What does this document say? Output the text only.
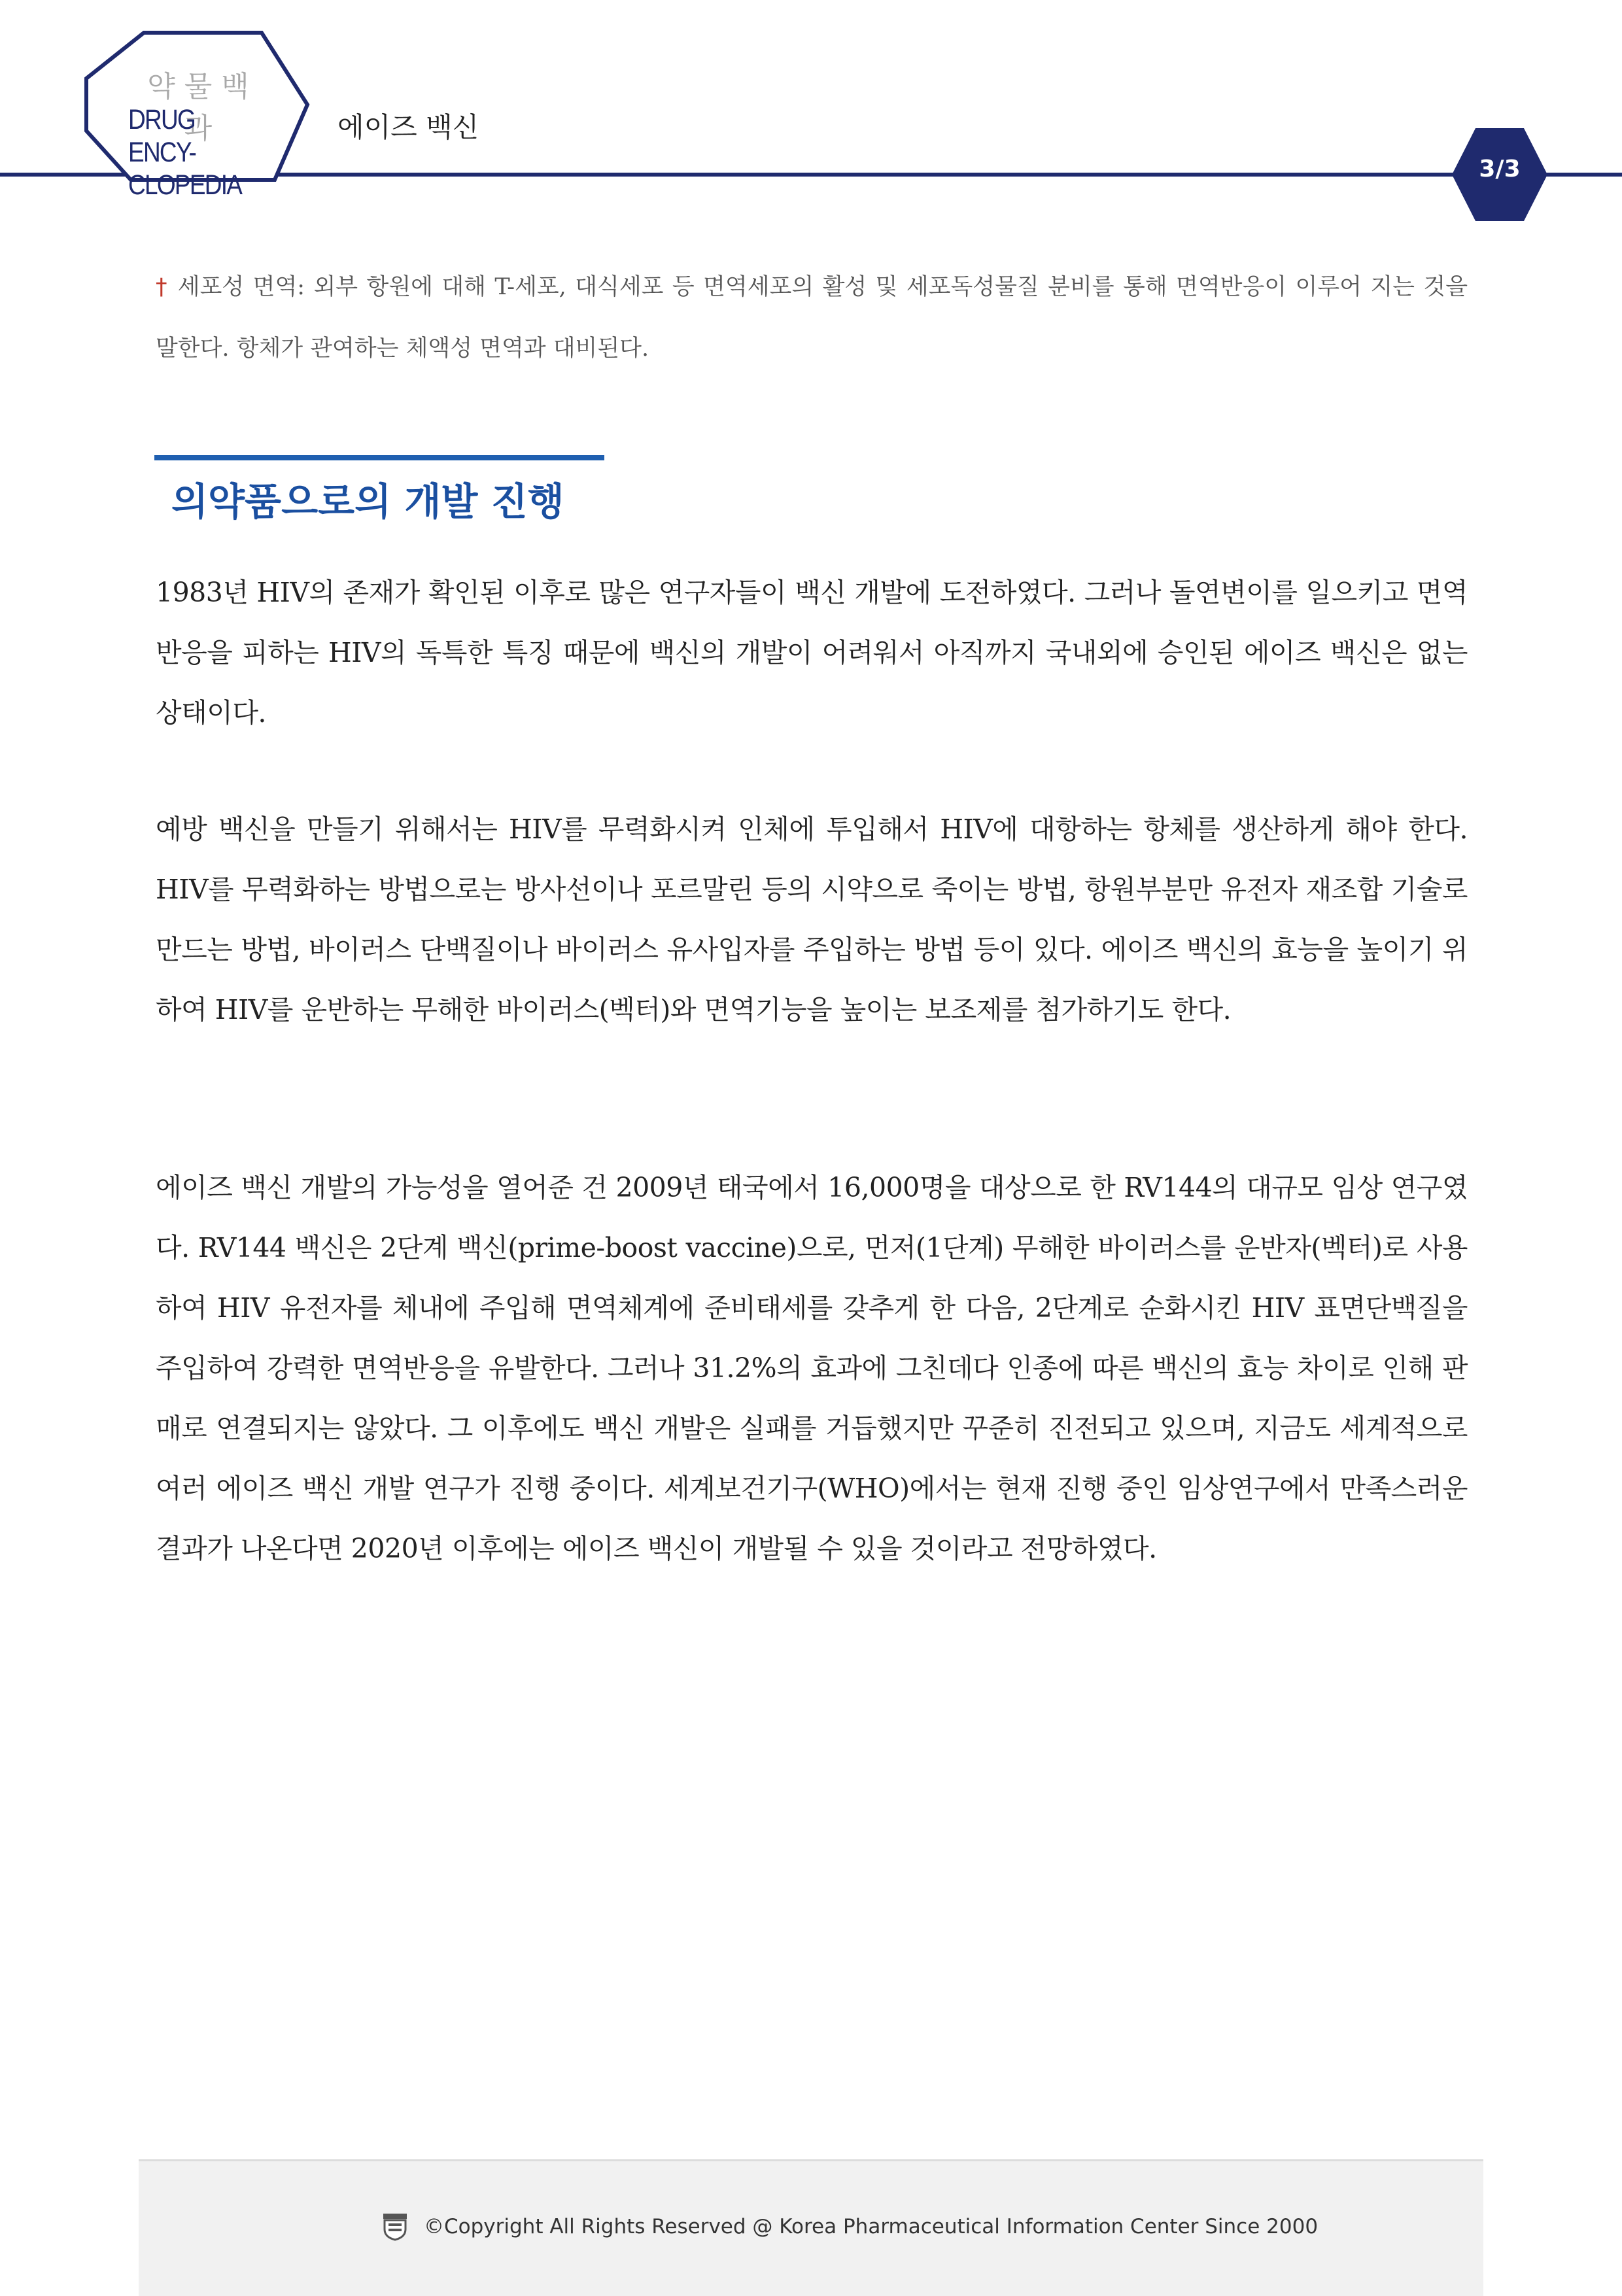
약물백과
DRUG ENCY-
CLOPEDIA
에이즈 백신
3/3
† 세포성 면역: 외부 항원에 대해 T-세포, 대식세포 등 면역세포의 활성 및 세포독성물질 분비를 통해 면역반응이 이루어 지는 것을 말한다. 항체가 관여하는 체액성 면역과 대비된다.
의약품으로의 개발 진행

1983년 HIV의 존재가 확인된 이후로 많은 연구자들이 백신 개발에 도전하였다. 그러나 돌연변이를 일으키고 면역반응을 피하는 HIV의 독특한 특징 때문에 백신의 개발이 어려워서 아직까지 국내외에 승인된 에이즈 백신은 없는 상태이다.

예방 백신을 만들기 위해서는 HIV를 무력화시켜 인체에 투입해서 HIV에 대항하는 항체를 생산하게 해야 한다. HIV를 무력화하는 방법으로는 방사선이나 포르말린 등의 시약으로 죽이는 방법, 항원부분만 유전자 재조합 기술로 만드는 방법, 바이러스 단백질이나 바이러스 유사입자를 주입하는 방법 등이 있다. 에이즈 백신의 효능을 높이기 위하여 HIV를 운반하는 무해한 바이러스(벡터)와 면역기능을 높이는 보조제를 첨가하기도 한다.

에이즈 백신 개발의 가능성을 열어준 건 2009년 태국에서 16,000명을 대상으로 한 RV144의 대규모 임상 연구였다. RV144 백신은 2단계 백신(prime-boost vaccine)으로, 먼저(1단계) 무해한 바이러스를 운반자(벡터)로 사용하여 HIV 유전자를 체내에 주입해 면역체계에 준비태세를 갖추게 한 다음, 2단계로 순화시킨 HIV 표면단백질을 주입하여 강력한 면역반응을 유발한다. 그러나 31.2%의 효과에 그친데다 인종에 따른 백신의 효능 차이로 인해 판매로 연결되지는 않았다. 그 이후에도 백신 개발은 실패를 거듭했지만 꾸준히 진전되고 있으며, 지금도 세계적으로 여러 에이즈 백신 개발 연구가 진행 중이다. 세계보건기구(WHO)에서는 현재 진행 중인 임상연구에서 만족스러운 결과가 나온다면 2020년 이후에는 에이즈 백신이 개발될 수 있을 것이라고 전망하였다.

©Copyright All Rights Reserved @ Korea Pharmaceutical Information Center Since 2000
